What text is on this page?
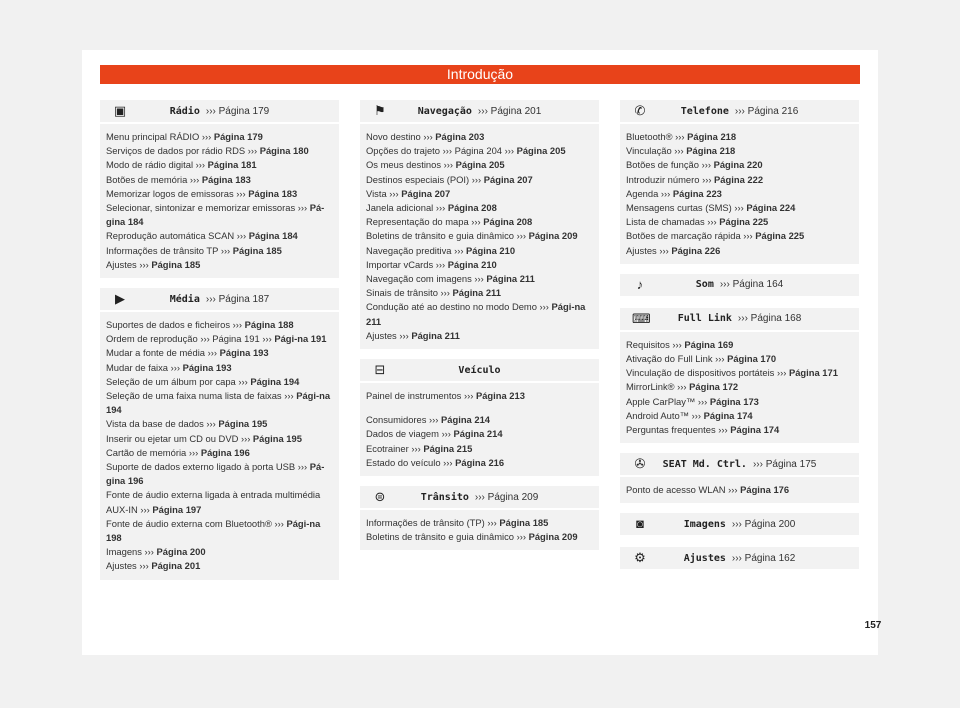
Introdução
▣	Rádio ››› Página 179
Menu principal RÁDIO ››› Página 179
Serviços de dados por rádio RDS ››› Página 180
Modo de rádio digital ››› Página 181
Botões de memória ››› Página 183
Memorizar logos de emissoras ››› Página 183
Selecionar, sintonizar e memorizar emissoras ››› Pá-gina 184
Reprodução automática SCAN ››› Página 184
Informações de trânsito TP ››› Página 185
Ajustes ››› Página 185
▶	Média ››› Página 187
Suportes de dados e ficheiros ››› Página 188
Ordem de reprodução ››› Página 191 ››› Pági-na 191
Mudar a fonte de média ››› Página 193
Mudar de faixa ››› Página 193
Seleção de um álbum por capa ››› Página 194
Seleção de uma faixa numa lista de faixas ››› Pági-na 194
Vista da base de dados ››› Página 195
Inserir ou ejetar um CD ou DVD ››› Página 195
Cartão de memória ››› Página 196
Suporte de dados externo ligado à porta USB ››› Pá-gina 196
Fonte de áudio externa ligada à entrada multimédia AUX-IN ››› Página 197
Fonte de áudio externa com Bluetooth® ››› Pági-na 198
Imagens ››› Página 200
Ajustes ››› Página 201
⚑	Navegação ››› Página 201
Novo destino ››› Página 203
Opções do trajeto ››› Página 204 ››› Página 205
Os meus destinos ››› Página 205
Destinos especiais (POI) ››› Página 207
Vista ››› Página 207
Janela adicional ››› Página 208
Representação do mapa ››› Página 208
Boletins de trânsito e guia dinâmico ››› Página 209
Navegação preditiva ››› Página 210
Importar vCards ››› Página 210
Navegação com imagens ››› Página 211
Sinais de trânsito ››› Página 211
Condução até ao destino no modo Demo ››› Pági-na 211
Ajustes ››› Página 211
⊟	Veículo
Painel de instrumentos ››› Página 213
Consumidores ››› Página 214
Dados de viagem ››› Página 214
Ecotrainer ››› Página 215
Estado do veículo ››› Página 216
⊜	Trânsito ››› Página 209
Informações de trânsito (TP) ››› Página 185
Boletins de trânsito e guia dinâmico ››› Página 209
✆	Telefone ››› Página 216
Bluetooth® ››› Página 218
Vinculação ››› Página 218
Botões de função ››› Página 220
Introduzir número ››› Página 222
Agenda ››› Página 223
Mensagens curtas (SMS) ››› Página 224
Lista de chamadas ››› Página 225
Botões de marcação rápida ››› Página 225
Ajustes ››› Página 226
♪	Som ››› Página 164
⌨	Full Link ››› Página 168
Requisitos ››› Página 169
Ativação do Full Link ››› Página 170
Vinculação de dispositivos portáteis ››› Página 171
MirrorLink® ››› Página 172
Apple CarPlay™ ››› Página 173
Android Auto™ ››› Página 174
Perguntas frequentes ››› Página 174
✇ SEAT Md. Ctrl. ››› Página 175
Ponto de acesso WLAN ››› Página 176
◙	Imagens ››› Página 200
⚙	Ajustes ››› Página 162
157
